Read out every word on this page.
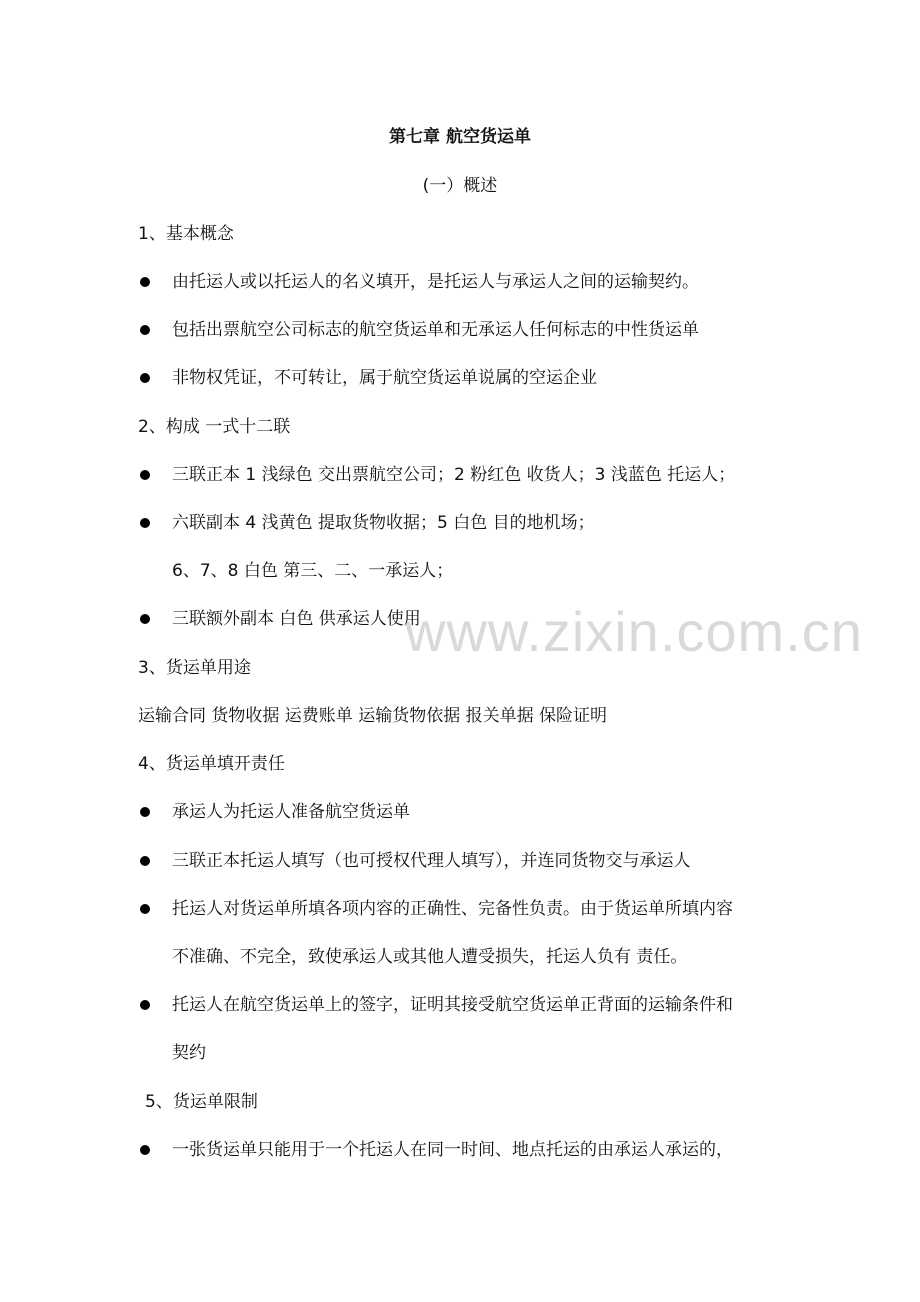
www.zixin.com.cn
第七章 航空货运单
(一）概述
1、基本概念
由托运人或以托运人的名义填开，是托运人与承运人之间的运输契约。
包括出票航空公司标志的航空货运单和无承运人任何标志的中性货运单
非物权凭证，不可转让，属于航空货运单说属的空运企业
2、构成 一式十二联
三联正本 1 浅绿色 交出票航空公司；2 粉红色 收货人；3 浅蓝色 托运人；
六联副本 4 浅黄色 提取货物收据；5 白色 目的地机场；
6、7、8 白色 第三、二、一承运人；
三联额外副本 白色 供承运人使用
3、货运单用途
运输合同 货物收据 运费账单 运输货物依据 报关单据 保险证明
4、货运单填开责任
承运人为托运人准备航空货运单
三联正本托运人填写（也可授权代理人填写），并连同货物交与承运人
托运人对货运单所填各项内容的正确性、完备性负责。由于货运单所填内容
不准确、不完全，致使承运人或其他人遭受损失，托运人负有 责任。
托运人在航空货运单上的签字，证明其接受航空货运单正背面的运输条件和
契约
5、货运单限制
一张货运单只能用于一个托运人在同一时间、地点托运的由承运人承运的，
